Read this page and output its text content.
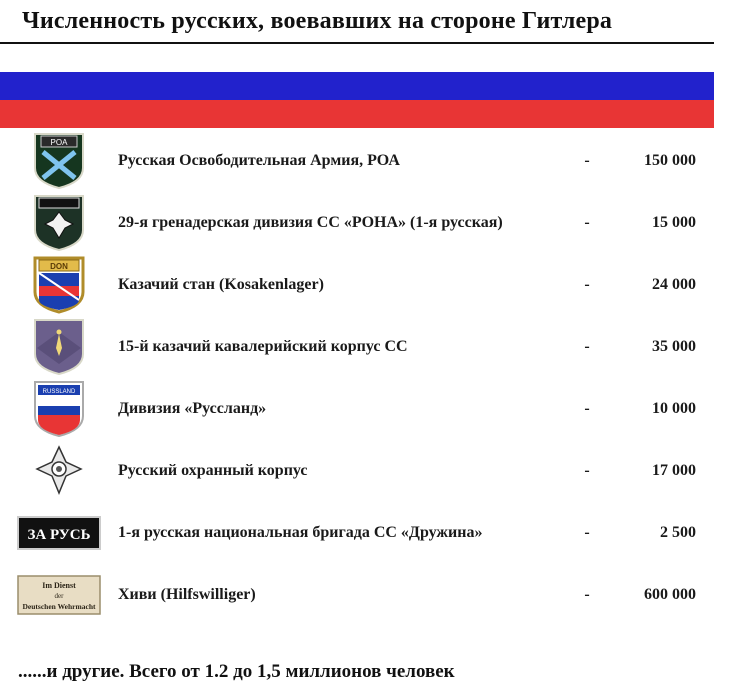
Численность русских, воевавших на стороне Гитлера
POA
Русская Освободительная Армия, РОА	-	150 000
29-я гренадерская дивизия СС «РОНА» (1-я русская)	-	15 000
DON
Казачий стан (Kosakenlager)	-	24 000
15-й казачий кавалерийский корпус СС	-	35 000
RUSSLAND
Дивизия «Руссланд»	-	10 000
Русский охранный корпус	-	17 000
ЗА РУСЬ 1-я русская национальная бригада СС «Дружина»	-	2 500
Im Dienst
der
Deutschen Wehrmacht
Хиви (Hilfswilliger)	-	600 000
......и другие. Всего от 1.2 до 1,5 миллионов человек
